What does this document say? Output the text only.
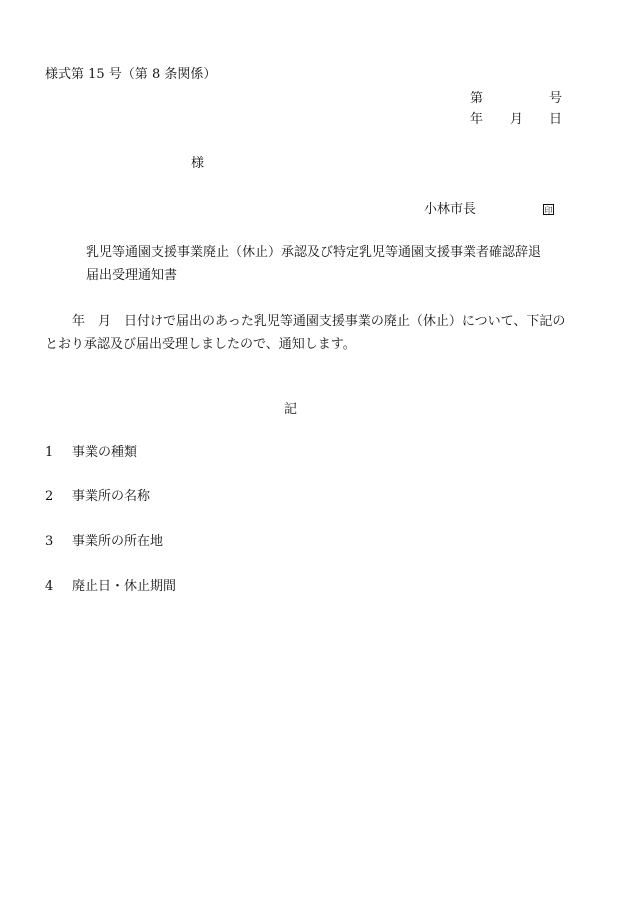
様式第 15 号（第 8 条関係）
第	号
年 月 日
様
小林市長	印
乳児等通園支援事業廃止（休止）承認及び特定乳児等通園支援事業者確認辞退
届出受理通知書
年　月　日付けで届出のあった乳児等通園支援事業の廃止（休止）について、下記の
とおり承認及び届出受理しましたので、通知します。
記
1 事業の種類
2 事業所の名称
3 事業所の所在地
4 廃止日・休止期間
